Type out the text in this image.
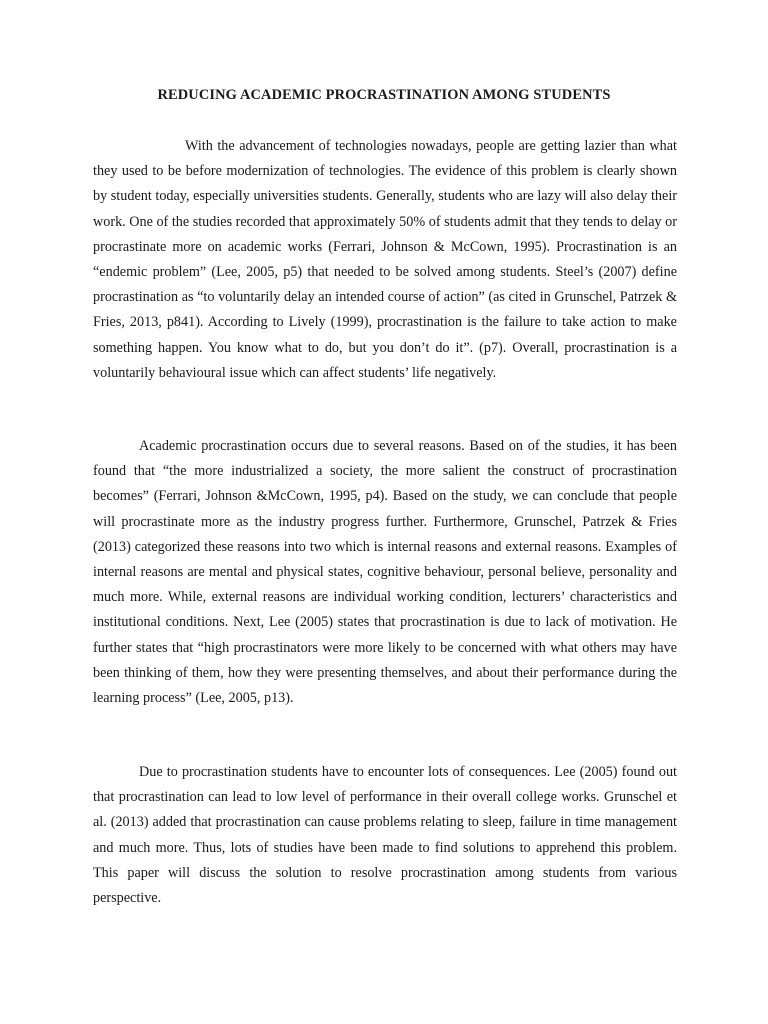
REDUCING ACADEMIC PROCRASTINATION AMONG STUDENTS

With the advancement of technologies nowadays, people are getting lazier than what they used to be before modernization of technologies. The evidence of this problem is clearly shown by student today, especially universities students. Generally, students who are lazy will also delay their work. One of the studies recorded that approximately 50% of students admit that they tends to delay or procrastinate more on academic works (Ferrari, Johnson & McCown, 1995). Procrastination is an “endemic problem” (Lee, 2005, p5) that needed to be solved among students. Steel’s (2007) define procrastination as “to voluntarily delay an intended course of action” (as cited in Grunschel, Patrzek & Fries, 2013, p841). According to Lively (1999), procrastination is the failure to take action to make something happen. You know what to do, but you don’t do it”. (p7). Overall, procrastination is a voluntarily behavioural issue which can affect students’ life negatively.

Academic procrastination occurs due to several reasons. Based on of the studies, it has been found that “the more industrialized a society, the more salient the construct of procrastination becomes” (Ferrari, Johnson &McCown, 1995, p4). Based on the study, we can conclude that people will procrastinate more as the industry progress further. Furthermore, Grunschel, Patrzek & Fries (2013) categorized these reasons into two which is internal reasons and external reasons. Examples of internal reasons are mental and physical states, cognitive behaviour, personal believe, personality and much more. While, external reasons are individual working condition, lecturers’ characteristics and institutional conditions. Next, Lee (2005) states that procrastination is due to lack of motivation. He further states that “high procrastinators were more likely to be concerned with what others may have been thinking of them, how they were presenting themselves, and about their performance during the learning process” (Lee, 2005, p13).

Due to procrastination students have to encounter lots of consequences. Lee (2005) found out that procrastination can lead to low level of performance in their overall college works. Grunschel et al. (2013) added that procrastination can cause problems relating to sleep, failure in time management and much more. Thus, lots of studies have been made to find solutions to apprehend this problem. This paper will discuss the solution to resolve procrastination among students from various perspective.
